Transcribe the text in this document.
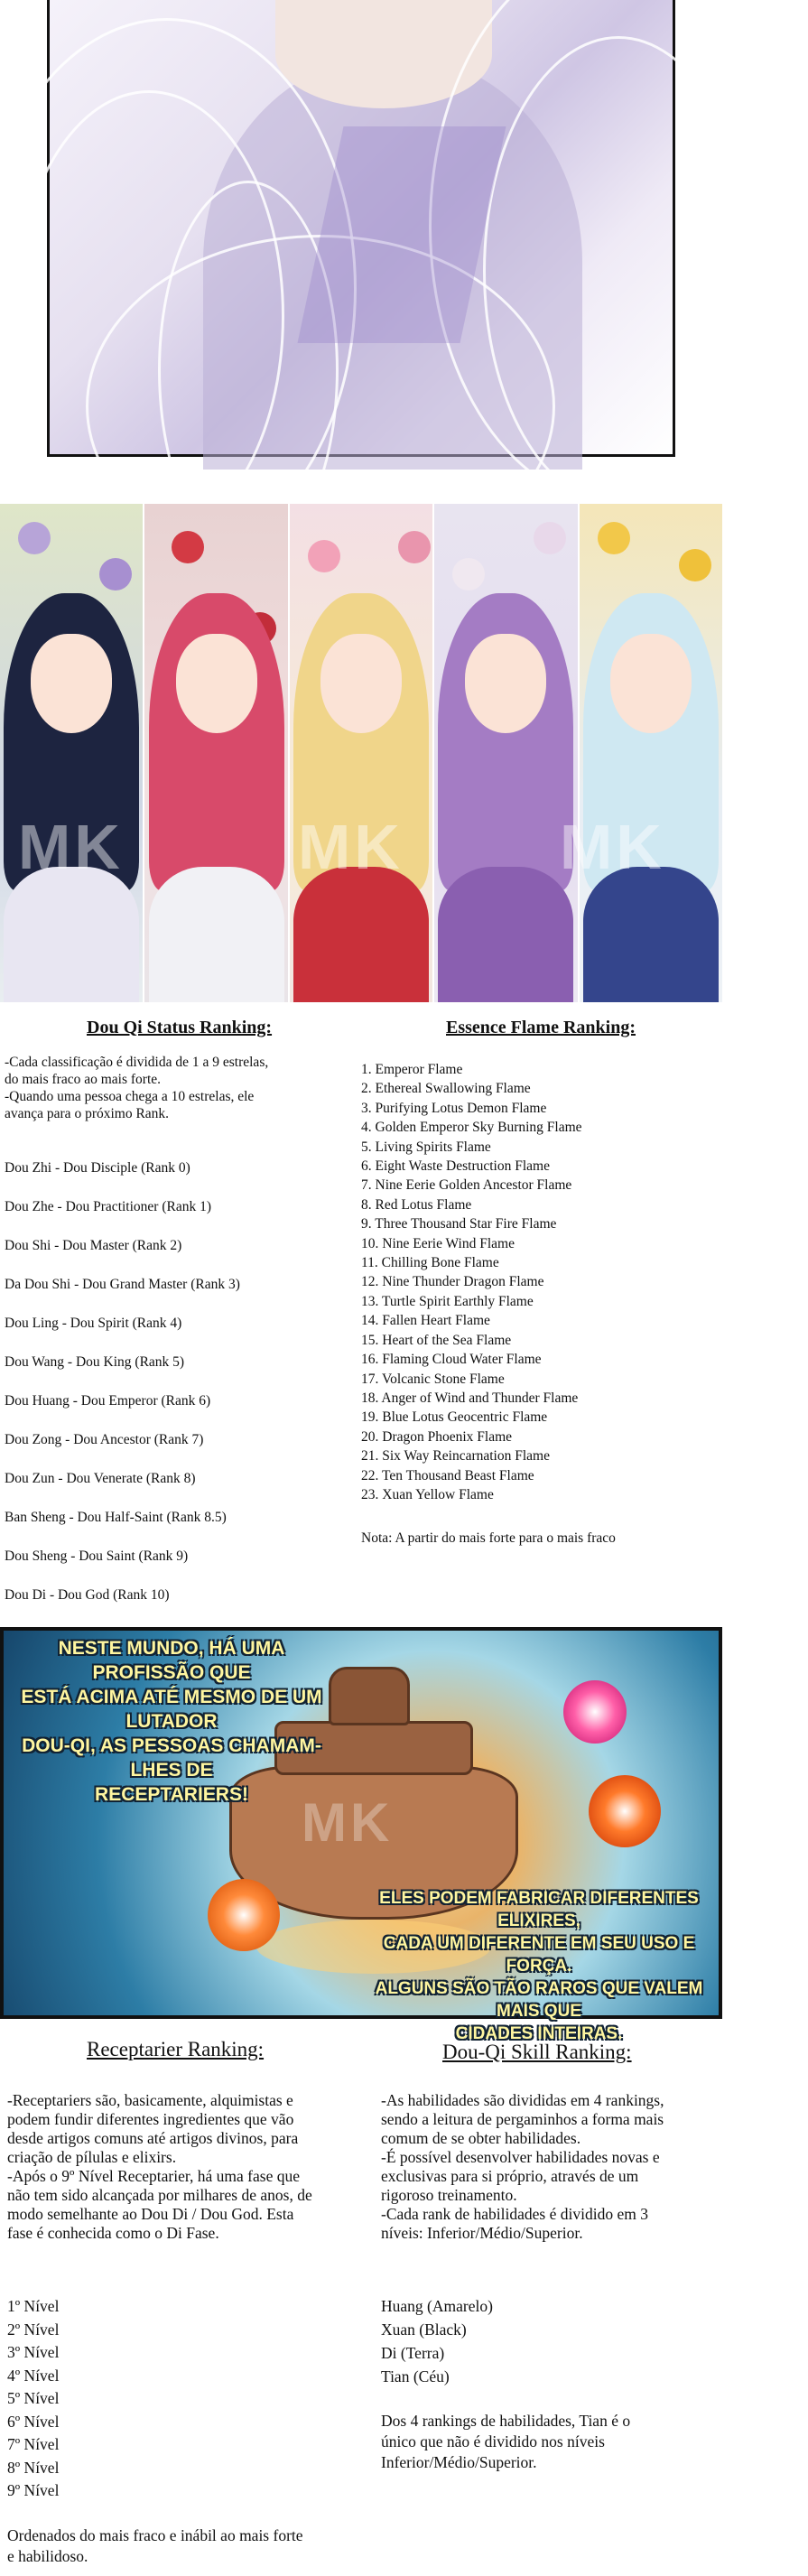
MK	MK MK
Dou Qi Status Ranking:
-Cada classificação é dividida de 1 a 9 estrelas,
do mais fraco ao mais forte.
-Quando uma pessoa chega a 10 estrelas, ele
avança para o próximo Rank.
Dou Zhi - Dou Disciple (Rank 0)
Dou Zhe - Dou Practitioner (Rank 1)
Dou Shi - Dou Master (Rank 2)
Da Dou Shi - Dou Grand Master (Rank 3)
Dou Ling - Dou Spirit (Rank 4)
Dou Wang - Dou King (Rank 5)
Dou Huang - Dou Emperor (Rank 6)
Dou Zong - Dou Ancestor (Rank 7)
Dou Zun - Dou Venerate (Rank 8)
Ban Sheng - Dou Half-Saint (Rank 8.5)
Dou Sheng - Dou Saint (Rank 9)
Dou Di - Dou God (Rank 10)
Essence Flame Ranking:
1. Emperor Flame
2. Ethereal Swallowing Flame
3. Purifying Lotus Demon Flame
4. Golden Emperor Sky Burning Flame
5. Living Spirits Flame
6. Eight Waste Destruction Flame
7. Nine Eerie Golden Ancestor Flame
8. Red Lotus Flame
9. Three Thousand Star Fire Flame
10. Nine Eerie Wind Flame
11. Chilling Bone Flame
12. Nine Thunder Dragon Flame
13. Turtle Spirit Earthly Flame
14. Fallen Heart Flame
15. Heart of the Sea Flame
16. Flaming Cloud Water Flame
17. Volcanic Stone Flame
18. Anger of Wind and Thunder Flame
19. Blue Lotus Geocentric Flame
20. Dragon Phoenix Flame
21. Six Way Reincarnation Flame
22. Ten Thousand Beast Flame
23. Xuan Yellow Flame
Nota: A partir do mais forte para o mais fraco
NESTE MUNDO, HÁ UMA PROFISSÃO QUE
ESTÁ ACIMA ATÉ MESMO DE UM LUTADOR
DOU-QI, AS PESSOAS CHAMAM-LHES DE
RECEPTARIERS!
ELES PODEM FABRICAR DIFERENTES ELIXIRES,
CADA UM DIFERENTE EM SEU USO E FORÇA.
ALGUNS SÃO TÃO RAROS QUE VALEM MAIS QUE
CIDADES INTEIRAS.
MK
Receptarier Ranking:
-Receptariers são, basicamente, alquimistas e
podem fundir diferentes ingredientes que vão
desde artigos comuns até artigos divinos, para
criação de pílulas e elixirs.
-Após o 9º Nível Receptarier, há uma fase que
não tem sido alcançada por milhares de anos, de
modo semelhante ao Dou Di / Dou God. Esta
fase é conhecida como o Di Fase.
1º Nível
2º Nível
3º Nível
4º Nível
5º Nível
6º Nível
7º Nível
8º Nível
9º Nível
Ordenados do mais fraco e inábil ao mais forte
e habilidoso.
Dou-Qi Skill Ranking:
-As habilidades são divididas em 4 rankings,
sendo a leitura de pergaminhos a forma mais
comum de se obter habilidades.
-É possível desenvolver habilidades novas e
exclusivas para si próprio, através de um
rigoroso treinamento.
-Cada rank de habilidades é dividido em 3
níveis: Inferior/Médio/Superior.
Huang (Amarelo)
Xuan (Black)
Di (Terra)
Tian (Céu)
Dos 4 rankings de habilidades, Tian é o
único que não é dividido nos níveis
Inferior/Médio/Superior.
